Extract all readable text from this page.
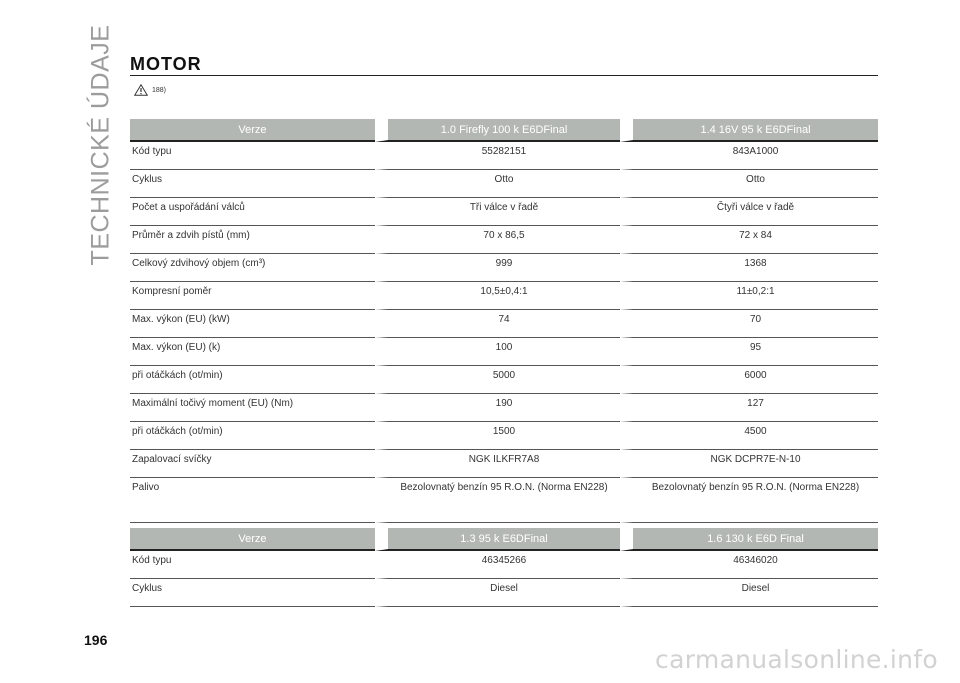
TECHNICKÉ ÚDAJE MOTOR
188)
Verze	1.0 Firefly 100 k E6DFinal	1.4 16V 95 k E6DFinal
Kód typu	55282151	843A1000
Cyklus	Otto	Otto
Počet a uspořádání válců	Tři válce v řadě	Čtyři válce v řadě
Průměr a zdvih pístů (mm)	70 x 86,5	72 x 84
Celkový zdvihový objem (cm³)	999	1368
Kompresní poměr	10,5±0,4:1	11±0,2:1
Max. výkon (EU) (kW)	74	70
Max. výkon (EU) (k)	100	95
při otáčkách (ot/min)	5000	6000
Maximální točivý moment (EU) (Nm)	190	127
při otáčkách (ot/min)	1500	4500
Zapalovací svíčky	NGK ILKFR7A8	NGK DCPR7E-N-10
Palivo	Bezolovnatý benzín 95 R.O.N. (Norma EN228)	Bezolovnatý benzín 95 R.O.N. (Norma EN228)
Verze	1.3 95 k E6DFinal	1.6 130 k E6D Final
Kód typu	46345266	46346020
Cyklus	Diesel	Diesel
196
carmanualsonline.info
